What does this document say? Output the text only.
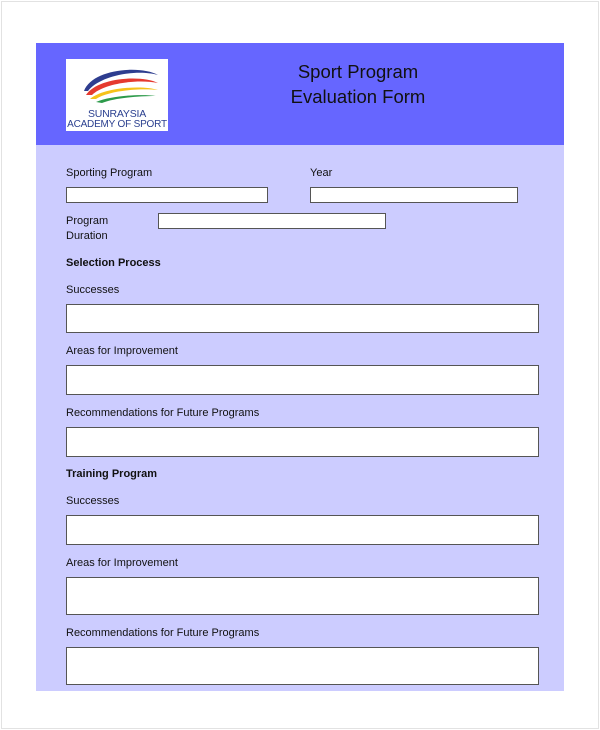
SUNRAYSIA
ACADEMY OF SPORT
Sport Program
Evaluation Form
Sporting Program	Year
Program
Duration
Selection Process
Successes
Areas for Improvement
Recommendations for Future Programs
Training Program
Successes
Areas for Improvement
Recommendations for Future Programs
